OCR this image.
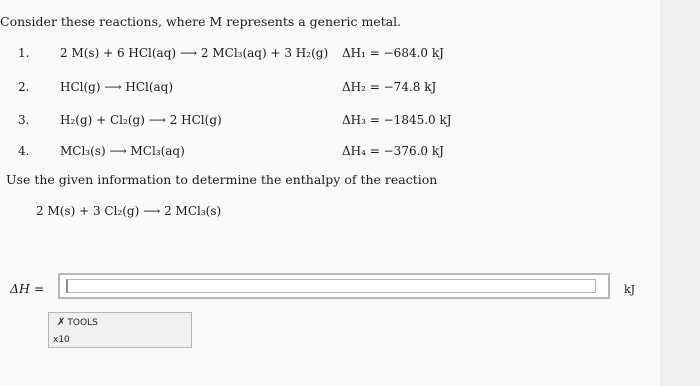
Consider these reactions, where M represents a generic metal.
1.	2 M(s) + 6 HCl(aq) ⟶ 2 MCl₃(aq) + 3 H₂(g) ΔH₁ = −684.0 kJ
2.	HCl(g) ⟶ HCl(aq)	ΔH₂ = −74.8 kJ
3.	H₂(g) + Cl₂(g) ⟶ 2 HCl(g)	ΔH₃ = −1845.0 kJ
4.	MCl₃(s) ⟶ MCl₃(aq)	ΔH₄ = −376.0 kJ
Use the given information to determine the enthalpy of the reaction
2 M(s) + 3 Cl₂(g) ⟶ 2 MCl₃(s)
ΔH =	kJ
✗ TOOLS
x10
